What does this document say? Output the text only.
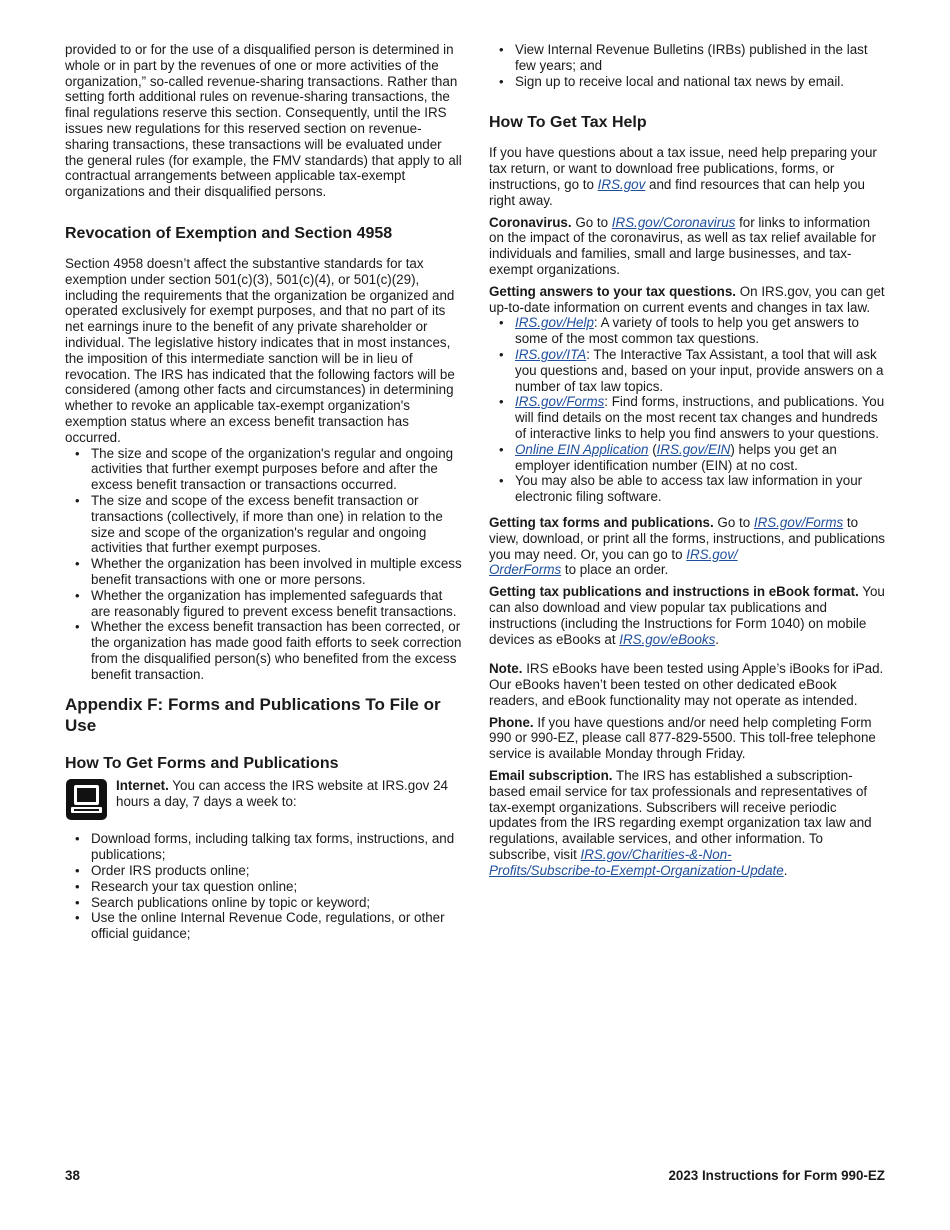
provided to or for the use of a disqualified person is determined in whole or in part by the revenues of one or more activities of the organization,” so-called revenue-sharing transactions. Rather than setting forth additional rules on revenue-sharing transactions, the final regulations reserve this section. Consequently, until the IRS issues new regulations for this reserved section on revenue-sharing transactions, these transactions will be evaluated under the general rules (for example, the FMV standards) that apply to all contractual arrangements between applicable tax-exempt organizations and their disqualified persons.

Revocation of Exemption and Section 4958

Section 4958 doesn’t affect the substantive standards for tax exemption under section 501(c)(3), 501(c)(4), or 501(c)(29), including the requirements that the organization be organized and operated exclusively for exempt purposes, and that no part of its net earnings inure to the benefit of any private shareholder or individual. The legislative history indicates that in most instances, the imposition of this intermediate sanction will be in lieu of revocation. The IRS has indicated that the following factors will be considered (among other facts and circumstances) in determining whether to revoke an applicable tax-exempt organization's exemption status where an excess benefit transaction has occurred.

• The size and scope of the organization's regular and ongoing activities that further exempt purposes before and after the excess benefit transaction or transactions occurred.
• The size and scope of the excess benefit transaction or transactions (collectively, if more than one) in relation to the size and scope of the organization's regular and ongoing activities that further exempt purposes.
• Whether the organization has been involved in multiple excess benefit transactions with one or more persons.
• Whether the organization has implemented safeguards that are reasonably figured to prevent excess benefit transactions.
• Whether the excess benefit transaction has been corrected, or the organization has made good faith efforts to seek correction from the disqualified person(s) who benefited from the excess benefit transaction.
Appendix F: Forms and Publications To File or Use
How To Get Forms and Publications
Internet. You can access the IRS website at IRS.gov 24 hours a day, 7 days a week to:
• Download forms, including talking tax forms, instructions, and publications;
• Order IRS products online;
• Research your tax question online;
• Search publications online by topic or keyword;
• Use the online Internal Revenue Code, regulations, or other official guidance;
• View Internal Revenue Bulletins (IRBs) published in the last few years; and
• Sign up to receive local and national tax news by email.
How To Get Tax Help

If you have questions about a tax issue, need help preparing your tax return, or want to download free publications, forms, or instructions, go to IRS.gov and find resources that can help you right away.

Coronavirus. Go to IRS.gov/Coronavirus for links to information on the impact of the coronavirus, as well as tax relief available for individuals and families, small and large businesses, and tax-exempt organizations.

Getting answers to your tax questions. On IRS.gov, you can get up-to-date information on current events and changes in tax law.

• IRS.gov/Help: A variety of tools to help you get answers to some of the most common tax questions.
• IRS.gov/ITA: The Interactive Tax Assistant, a tool that will ask you questions and, based on your input, provide answers on a number of tax law topics.
• IRS.gov/Forms: Find forms, instructions, and publications. You will find details on the most recent tax changes and hundreds of interactive links to help you find answers to your questions.
• Online EIN Application (IRS.gov/EIN) helps you get an employer identification number (EIN) at no cost.
• You may also be able to access tax law information in your electronic filing software.

Getting tax forms and publications. Go to IRS.gov/Forms to view, download, or print all the forms, instructions, and publications you may need. Or, you can go to IRS.gov/
OrderForms to place an order.

Getting tax publications and instructions in eBook format. You can also download and view popular tax publications and instructions (including the Instructions for Form 1040) on mobile devices as eBooks at IRS.gov/eBooks.

Note. IRS eBooks have been tested using Apple’s iBooks for iPad. Our eBooks haven’t been tested on other dedicated eBook readers, and eBook functionality may not operate as intended.

Phone. If you have questions and/or need help completing Form 990 or 990-EZ, please call 877-829-5500. This toll-free telephone service is available Monday through Friday.

Email subscription. The IRS has established a subscription-based email service for tax professionals and representatives of tax-exempt organizations. Subscribers will receive periodic updates from the IRS regarding exempt organization tax law and regulations, available services, and other information. To subscribe, visit IRS.gov/Charities-&-Non-
Profits/Subscribe-to-Exempt-Organization-Update.

38	2023 Instructions for Form 990-EZ
